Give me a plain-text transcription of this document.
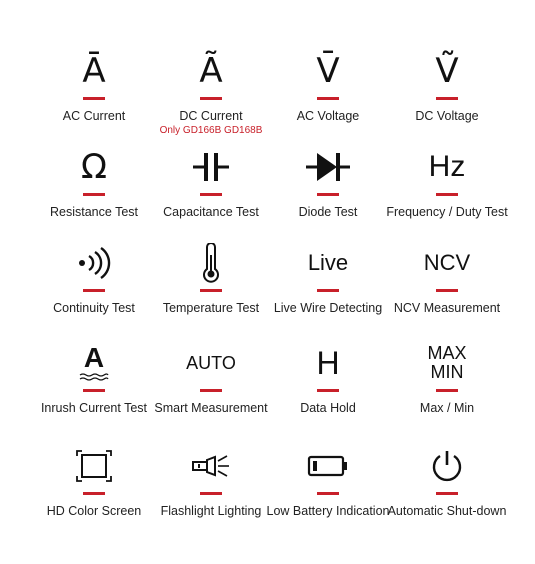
Ā
AC Current
Ã
DC Current
Only GD166B GD168B
V̄
AC Voltage
Ṽ
DC Voltage
Ω
Resistance Test Capacitance Test	Diode Test
Hz
Frequency / Duty Test
Continuity Test Temperature Test
Live
Live Wire Detecting
NCV
NCV Measurement
A
Inrush Current Test
AUTO
Smart Measurement
H
Data Hold
MAX
MIN
Max / Min
HD Color Screen Flashlight Lighting Low Battery Indication
Automatic Shut-down
